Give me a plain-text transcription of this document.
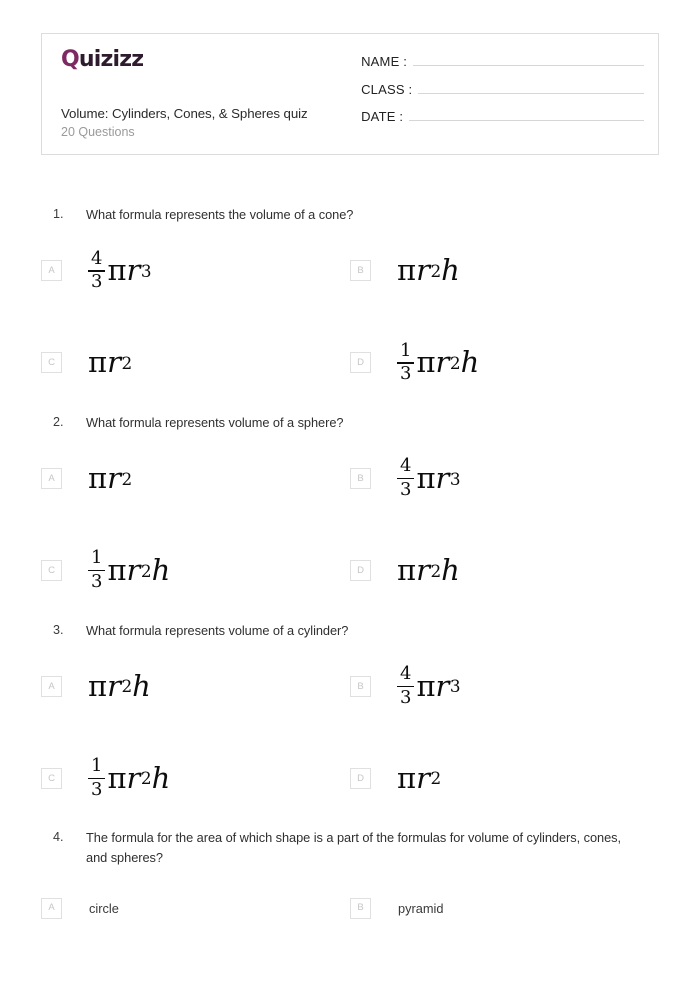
Quizizz
Volume: Cylinders, Cones, & Spheres quiz
20 Questions
NAME :
CLASS :
DATE :
1.	What formula represents the volume of a cone?
A	$\frac{4}{3}$ π r 3	B π r 2 h
C π r 2	D	$\frac{1}{3}$ π r 2 h
2.	What formula represents volume of a sphere?
A π r 2	B	$\frac{4}{3}$ π r 3
C	$\frac{1}{3}$ π r 2 h	D π r 2 h
3.	What formula represents volume of a cylinder?
A π r 2 h	B	$\frac{4}{3}$ π r 3
C	$\frac{1}{3}$ π r 2 h	D π r 2
4.	The formula for the area of which shape is a part of the formulas for volume of cylinders, cones, and spheres?
A	circle	B	pyramid
